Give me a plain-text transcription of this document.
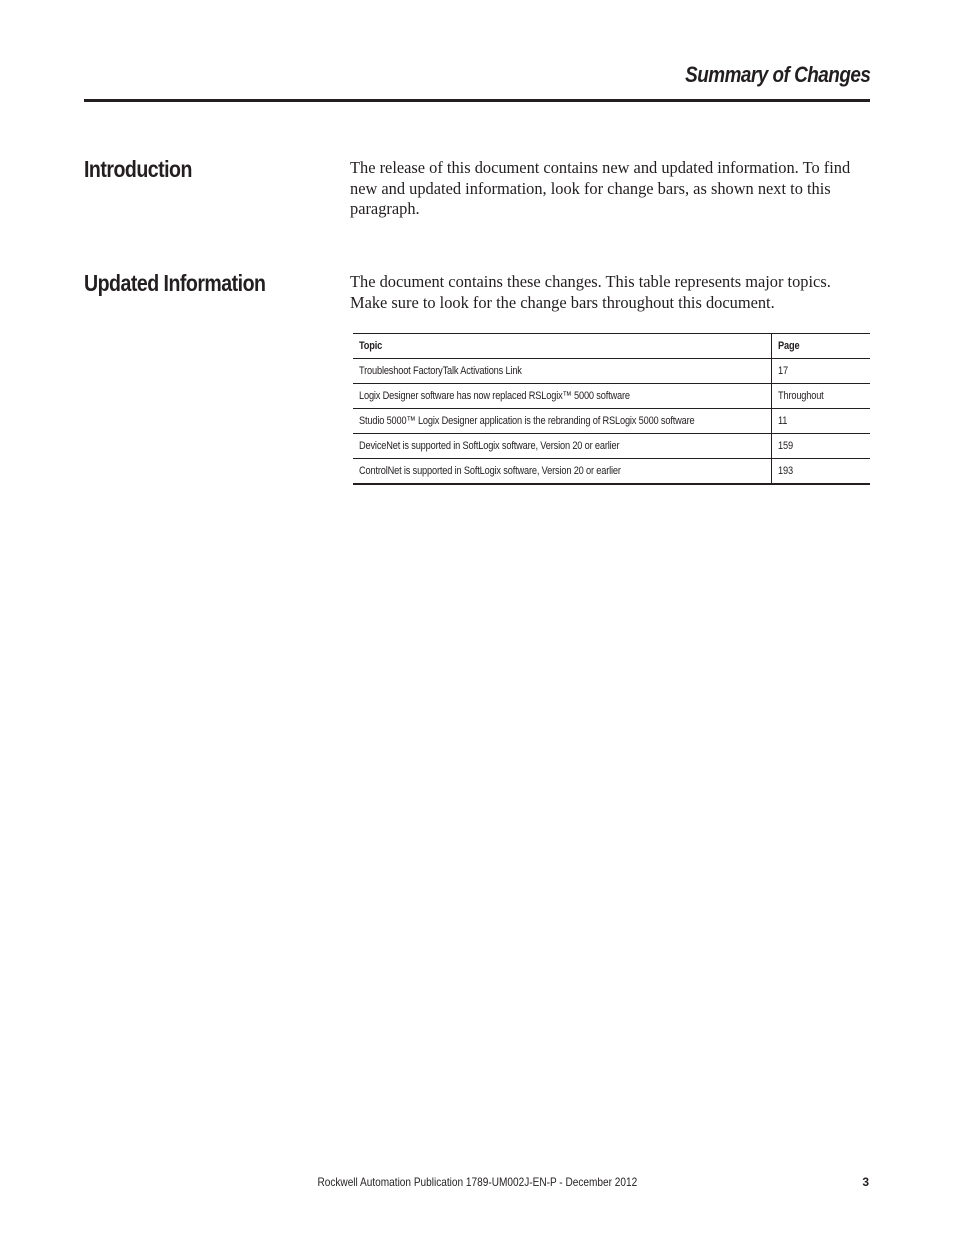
Summary of Changes
Introduction	The release of this document contains new and updated information. To find new and updated information, look for change bars, as shown next to this paragraph.

Updated Information	The document contains these changes. This table represents major topics. Make sure to look for the change bars throughout this document.

Topic	Page
Troubleshoot FactoryTalk Activations Link	17
Logix Designer software has now replaced RSLogix™ 5000 software	Throughout
Studio 5000™ Logix Designer application is the rebranding of RSLogix 5000 software	11
DeviceNet is supported in SoftLogix software, Version 20 or earlier	159
ControlNet is supported in SoftLogix software, Version 20 or earlier	193
Rockwell Automation Publication 1789-UM002J-EN-P - December 2012	3
